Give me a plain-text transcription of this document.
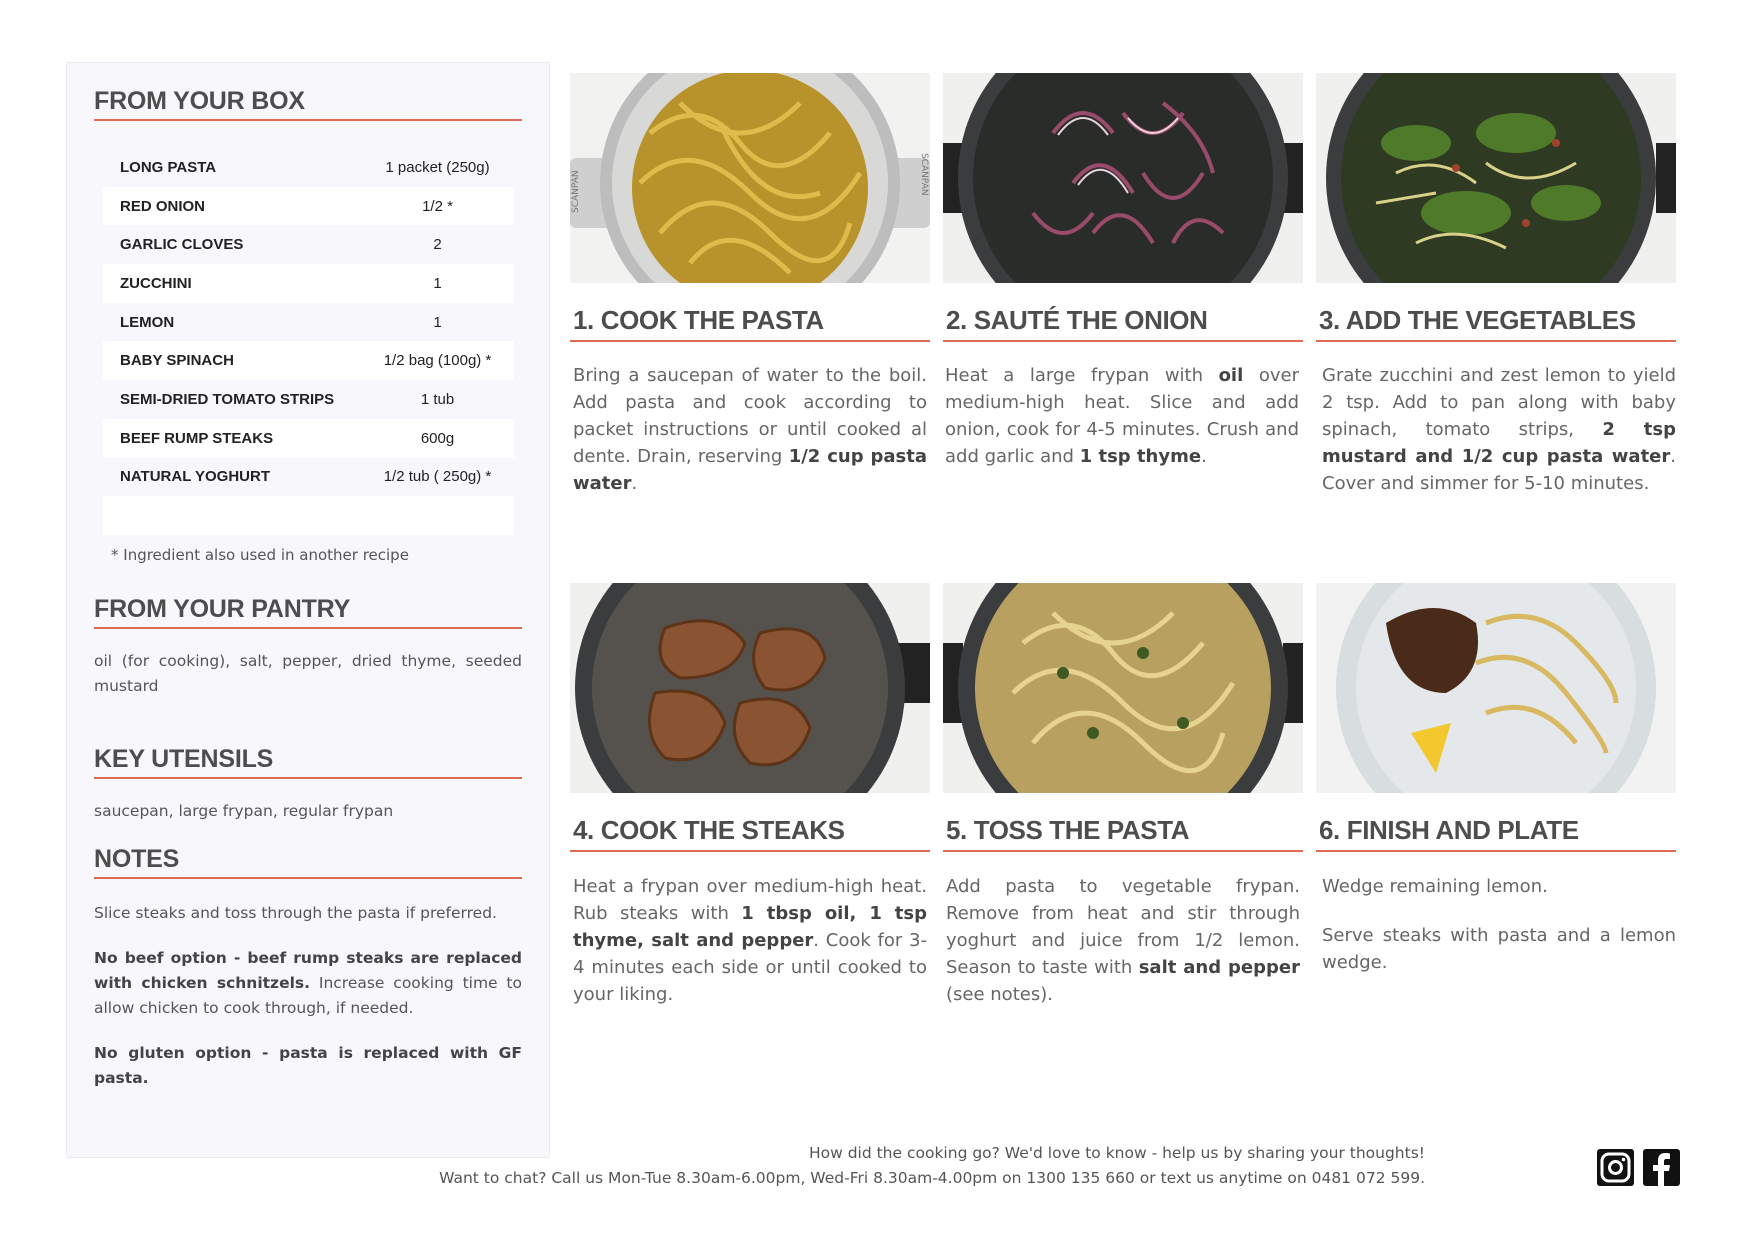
FROM YOUR BOX
LONG PASTA	1 packet (250g)
RED ONION	1/2 *
GARLIC CLOVES	2
ZUCCHINI	1
LEMON	1
BABY SPINACH	1/2 bag (100g) *
SEMI-DRIED TOMATO STRIPS	1 tub
BEEF RUMP STEAKS	600g
NATURAL YOGHURT	1/2 tub ( 250g) *
* Ingredient also used in another recipe
FROM YOUR PANTRY
oil (for cooking), salt, pepper, dried thyme, seeded mustard
KEY UTENSILS
saucepan, large frypan, regular frypan
NOTES

Slice steaks and toss through the pasta if preferred.

No beef option - beef rump steaks are replaced with chicken schnitzels. Increase cooking time to allow chicken to cook through, if needed.

No gluten option - pasta is replaced with GF pasta.

SCANPAN	SCANPAN
1. COOK THE PASTA	2. SAUTÉ THE ONION	3. ADD THE VEGETABLES
4. COOK THE STEAKS	5. TOSS THE PASTA	6. FINISH AND PLATE
Bring a saucepan of water to the boil. Add pasta and cook according to packet instructions or until cooked al dente. Drain, reserving 1/2 cup pasta water.
Heat a large frypan with oil over medium-high heat. Slice and add onion, cook for 4-5 minutes. Crush and add garlic and 1 tsp thyme.
Grate zucchini and zest lemon to yield 2 tsp. Add to pan along with baby spinach, tomato strips, 2 tsp mustard and 1/2 cup pasta water. Cover and simmer for 5-10 minutes.
Heat a frypan over medium-high heat. Rub steaks with 1 tbsp oil, 1 tsp thyme, salt and pepper. Cook for 3-4 minutes each side or until cooked to your liking.
Add pasta to vegetable frypan. Remove from heat and stir through yoghurt and juice from 1/2 lemon. Season to taste with salt and pepper (see notes).

Wedge remaining lemon.

Serve steaks with pasta and a lemon wedge.

How did the cooking go? We'd love to know - help us by sharing your thoughts!
Want to chat? Call us Mon-Tue 8.30am-6.00pm, Wed-Fri 8.30am-4.00pm on 1300 135 660 or text us anytime on 0481 072 599.
